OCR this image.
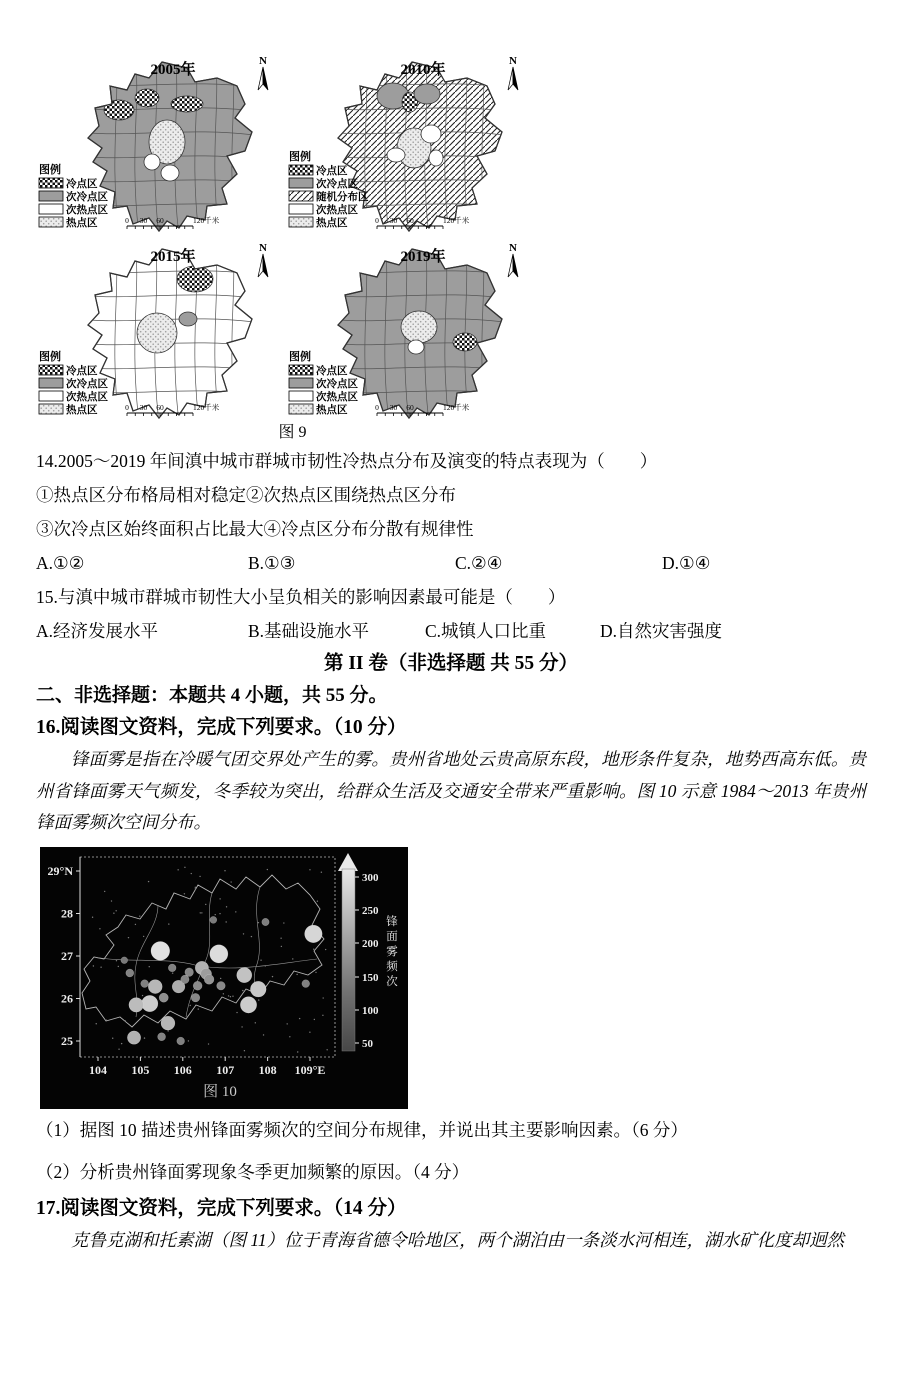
2005年
N
图例
冷点区
次冷点区
次热点区
热点区	0 30 60	120千米
2010年
N
图例
冷点区
次冷点区
随机分布区
次热点区
热点区	0 30 60	120千米
2015年
N
图例
冷点区
次冷点区
次热点区
热点区	0 30 60	120千米
2019年
N
图例
冷点区
次冷点区
次热点区
热点区	0 30 60	120千米
图 9
14.2005～2019 年间滇中城市群城市韧性冷热点分布及演变的特点表现为（　　）
①热点区分布格局相对稳定②次热点区围绕热点区分布
③次冷点区始终面积占比最大④冷点区分布分散有规律性
A.①②	B.①③	C.②④	D.①④
15.与滇中城市群城市韧性大小呈负相关的影响因素最可能是（　　）
A.经济发展水平	B.基础设施水平	C.城镇人口比重	D.自然灾害强度
第 II 卷（非选择题 共 55 分）
二、非选择题：本题共 4 小题，共 55 分。
16.阅读图文资料，完成下列要求。（10 分）

锋面雾是指在冷暖气团交界处产生的雾。贵州省地处云贵高原东段，地形条件复杂，地势西高东低。贵州省锋面雾天气频发，冬季较为突出，给群众生活及交通安全带来严重影响。图 10 示意 1984～2013 年贵州锋面雾频次空间分布。

29°N
28
27
26
25
104 105 106 107 108 109°E
300
250
200
150
100
50
锋
面
雾
频
次
图 10
（1）据图 10 描述贵州锋面雾频次的空间分布规律，并说出其主要影响因素。（6 分）
（2）分析贵州锋面雾现象冬季更加频繁的原因。（4 分）
17.阅读图文资料，完成下列要求。（14 分）

克鲁克湖和托素湖（图 11）位于青海省德令哈地区，两个湖泊由一条淡水河相连，湖水矿化度却迥然
